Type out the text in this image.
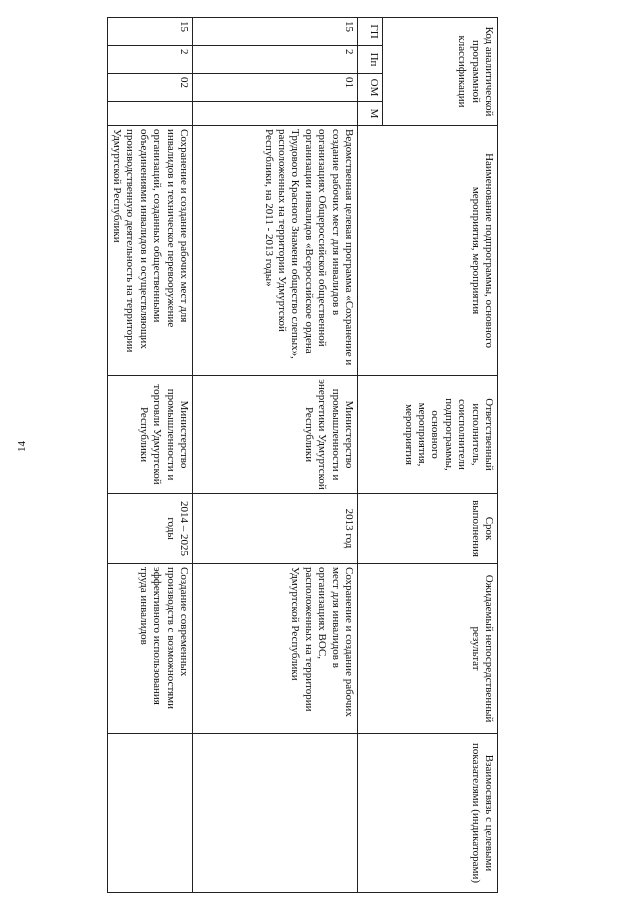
14
Код аналитической программной классификации				Наименование подпрограммы, основного мероприятия, мероприятия	Ответственный исполнитель, соисполнители подпрограммы, основного мероприятия, мероприятия	Срок выполнения	Ожидаемый непосредственный результат	Взаимосвязь с целевыми показателями (индикаторами)
ГП	Пп	ОМ	М					
15	2	01		Ведомственная целевая программа «Сохранение и создание рабочих мест для инвалидов в организациях Общероссийской общественной организации инвалидов «Всероссийское ордена Трудового Красного Знамени общество слепых», расположенных на территории Удмуртской Республики, на 2011 - 2013 годы»	Министерство промышленности и энергетики Удмуртской Республики	2013 год	Сохранение и создание рабочих мест для инвалидов в организациях ВОС, расположенных на территории Удмуртской Республики	
15	2	02		Сохранение и создание рабочих мест для инвалидов и техническое перевооружение организаций, созданных общественными объединениями инвалидов и осуществляющих производственную деятельность на территории Удмуртской Республики	Министерство промышленности и торговли Удмуртской Республики	2014 – 2025 годы	Создание современных производств с возможностями эффективного использования труда инвалидов	
